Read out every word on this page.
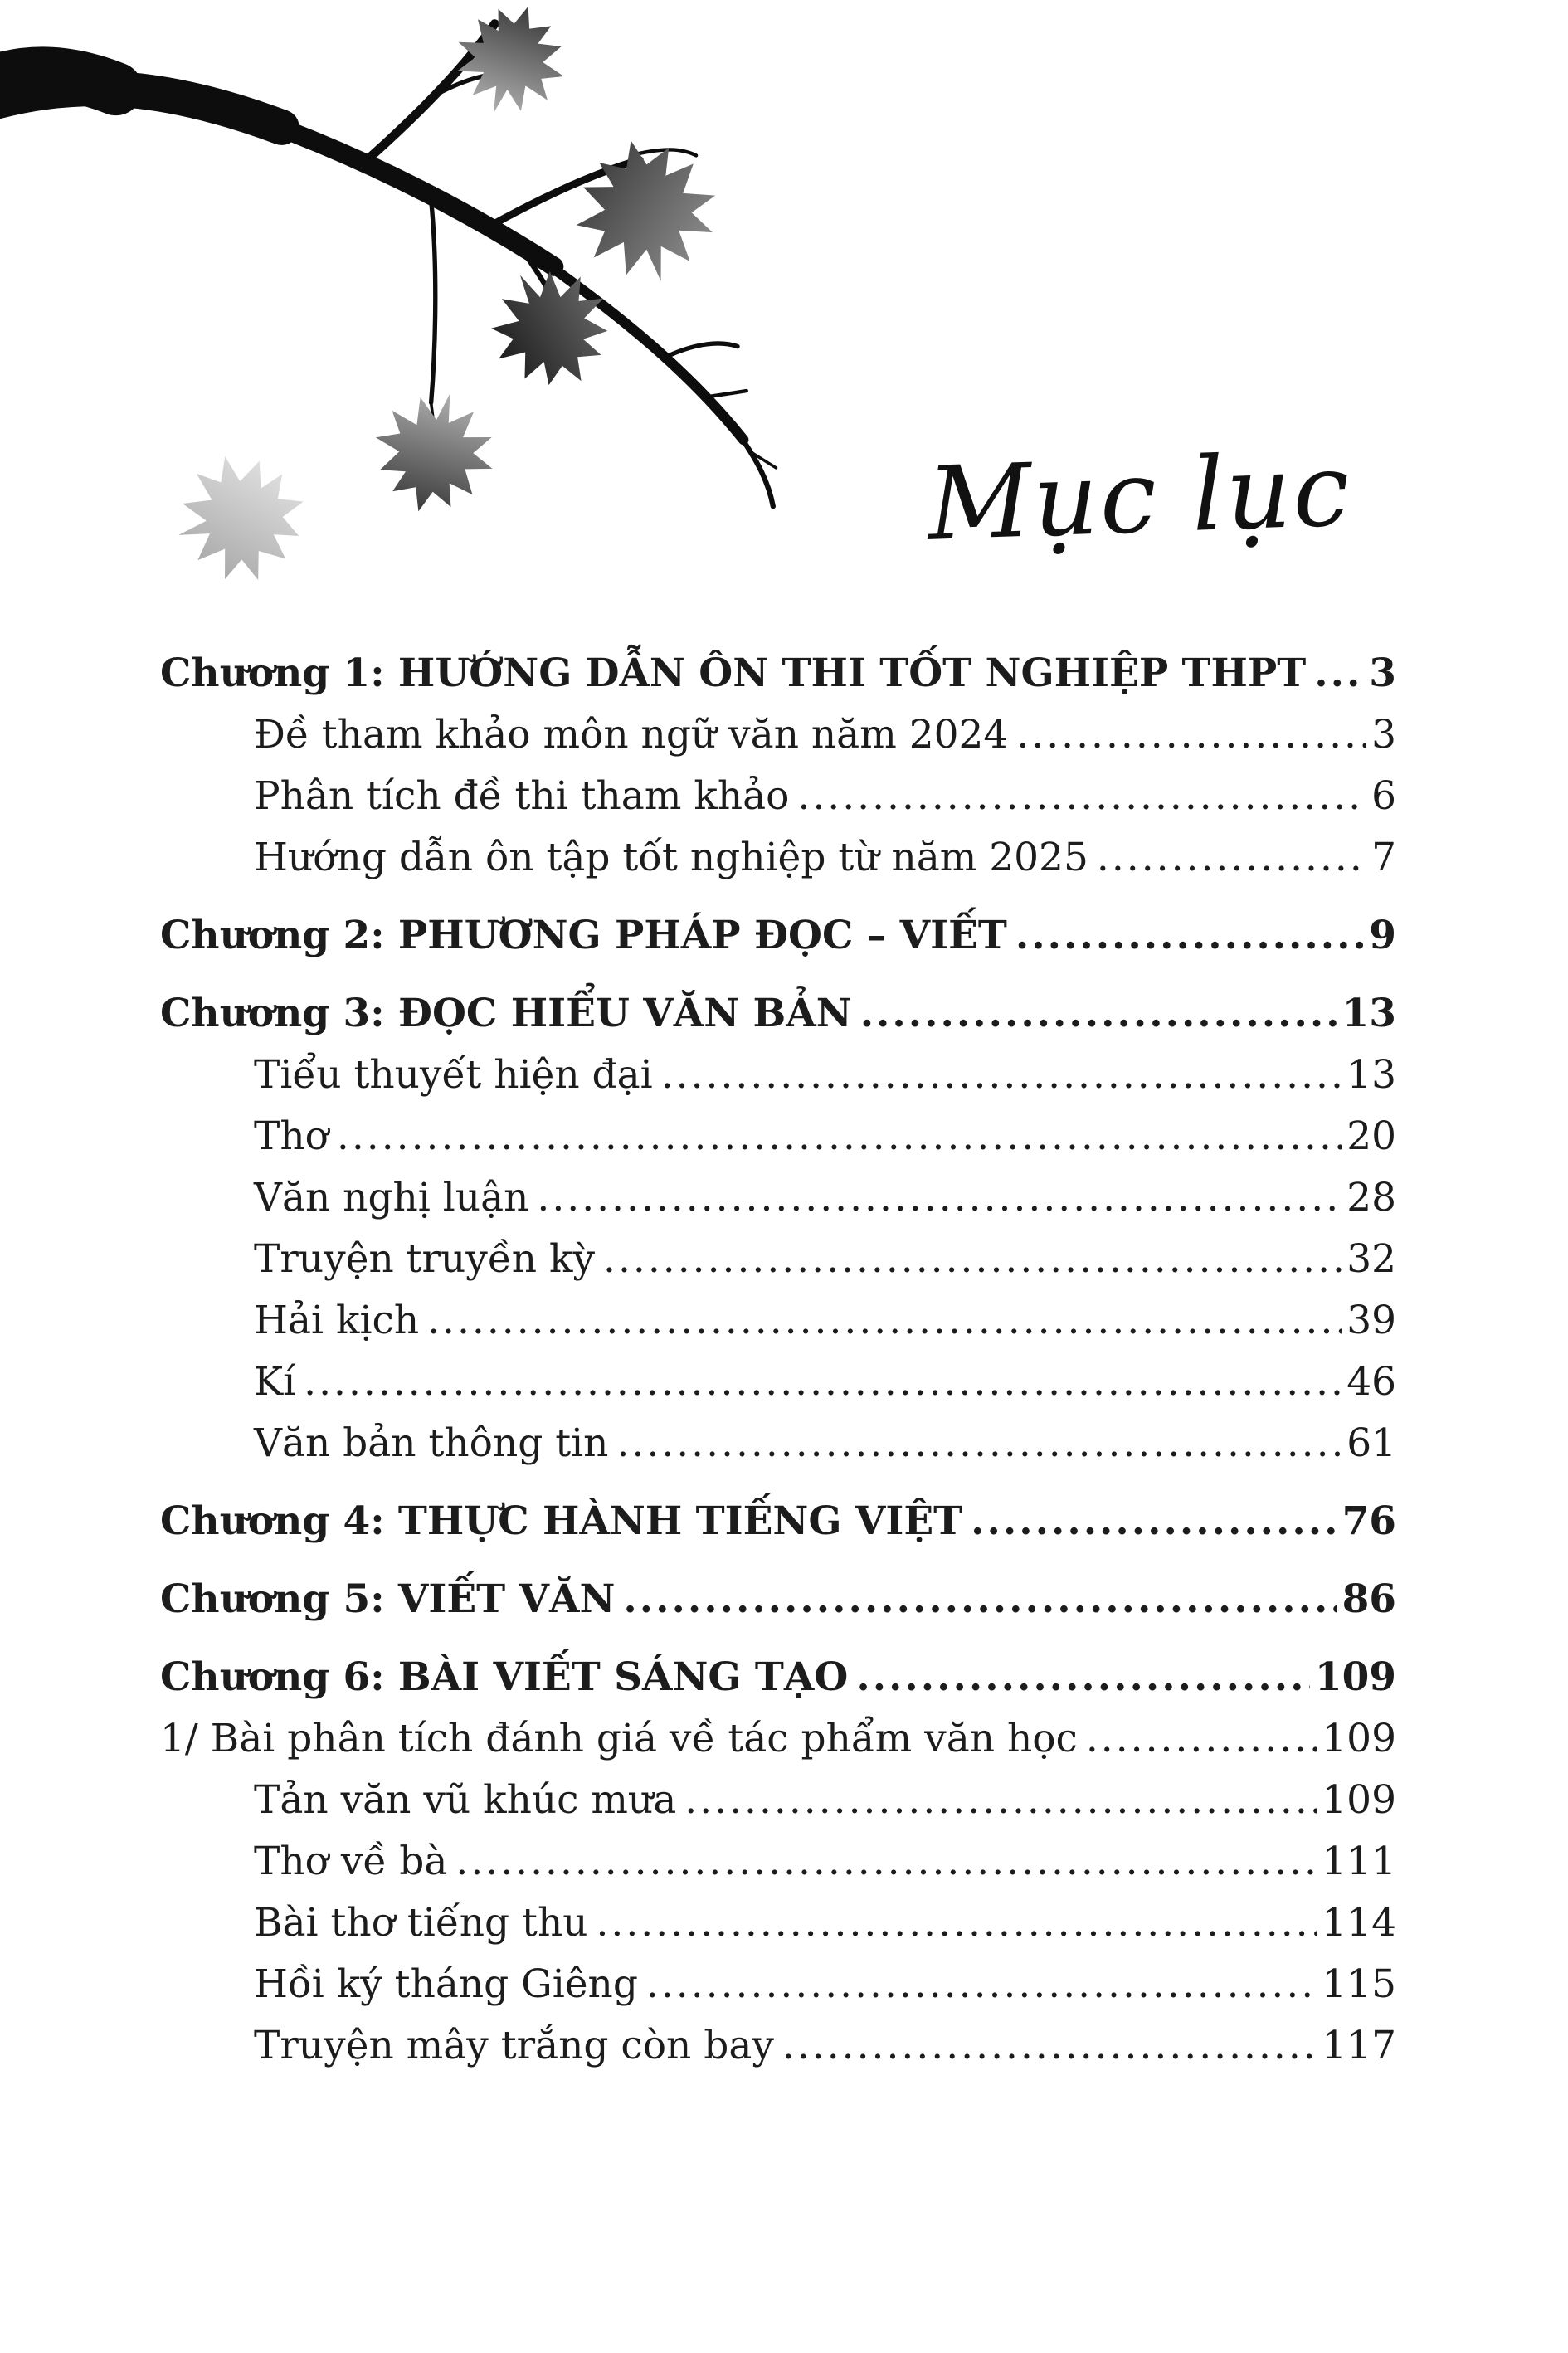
Mục lục
Chương 1: HƯỚNG DẪN ÔN THI TỐT NGHIỆP THPT ..... 3
Đề tham khảo môn ngữ văn năm 2024 .....	3
Phân tích đề thi tham khảo .....	6
Hướng dẫn ôn tập tốt nghiệp từ năm 2025 .....	7
Chương 2: PHƯƠNG PHÁP ĐỌC – VIẾT .....	9
Chương 3: ĐỌC HIỂU VĂN BẢN .....	13
Tiểu thuyết hiện đại .....	13
Thơ .....	20
Văn nghị luận .....	28
Truyện truyền kỳ .....	32
Hải kịch .....	39
Kí .....	46
Văn bản thông tin .....	61
Chương 4: THỰC HÀNH TIẾNG VIỆT .....	76
Chương 5: VIẾT VĂN .....	86
Chương 6: BÀI VIẾT SÁNG TẠO .....	109
1/ Bài phân tích đánh giá về tác phẩm văn học .....	109
Tản văn vũ khúc mưa .....	109
Thơ về bà .....	111
Bài thơ tiếng thu .....	114
Hồi ký tháng Giêng .....	115
Truyện mây trắng còn bay .....	117
